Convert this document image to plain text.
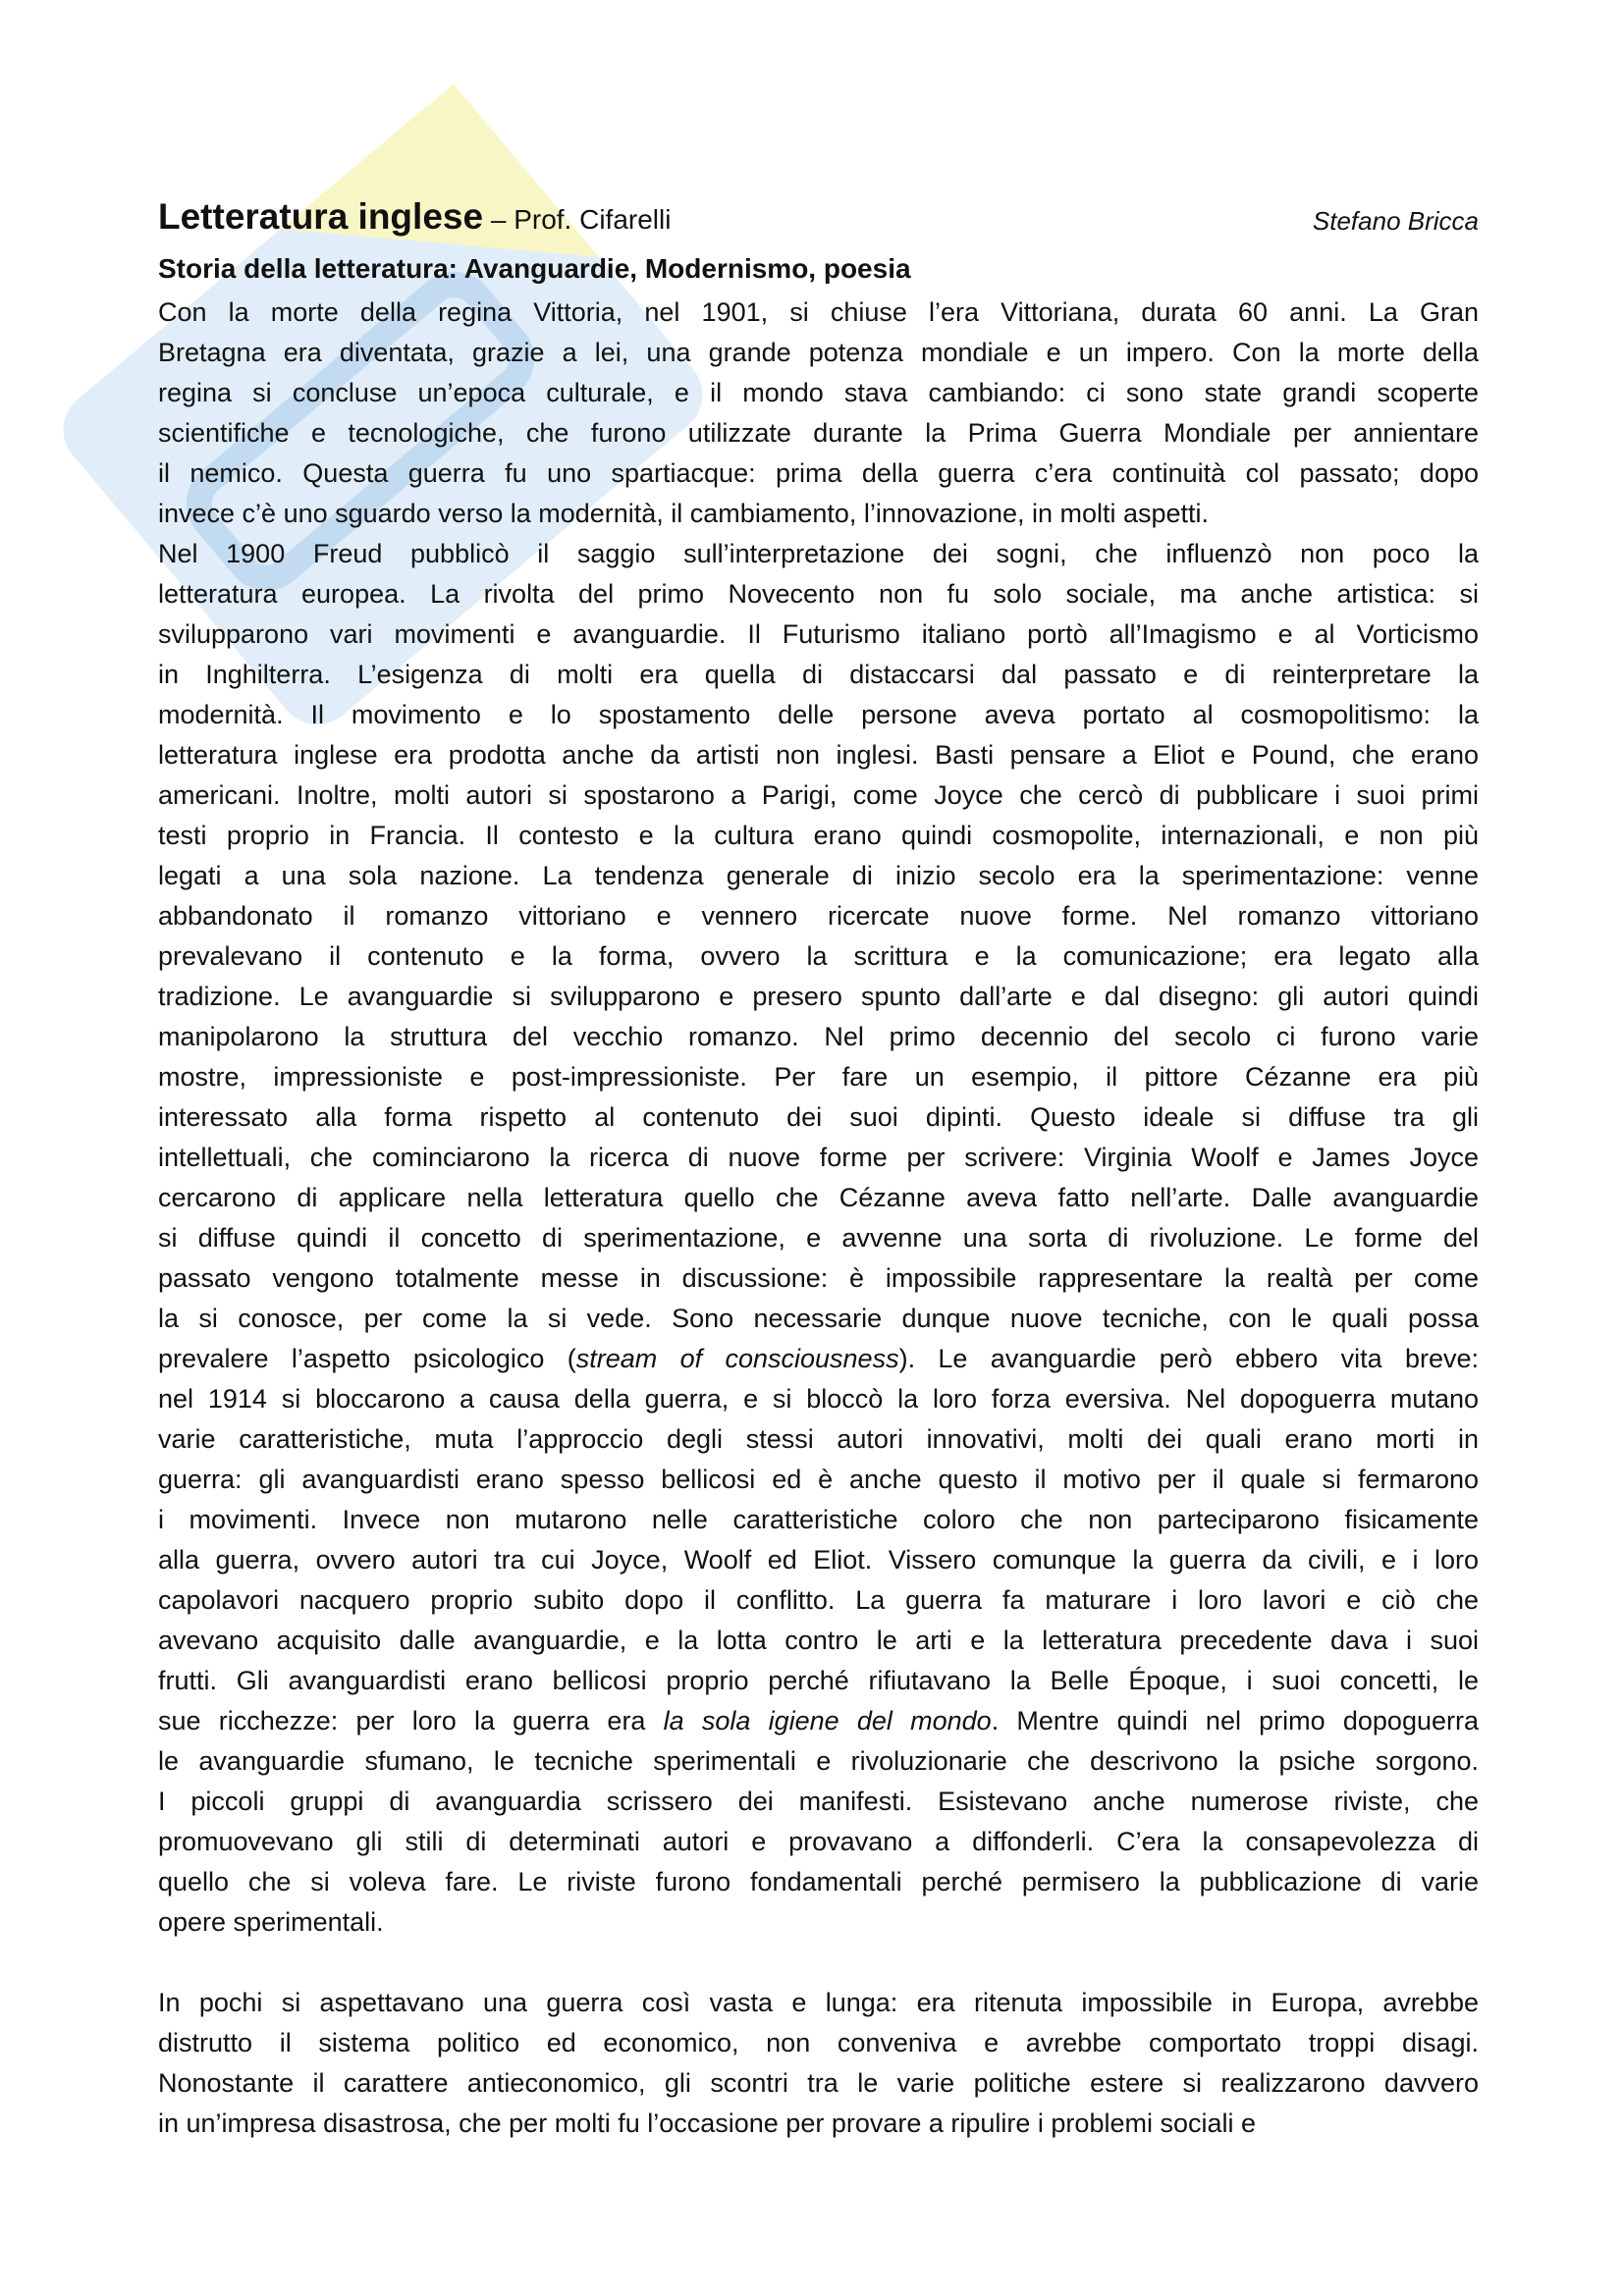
Letteratura inglese – Prof. Cifarelli	Stefano Bricca
Storia della letteratura: Avanguardie, Modernismo, poesia
Con la morte della regina Vittoria, nel 1901, si chiuse l’era Vittoriana, durata 60 anni. La Gran
Bretagna era diventata, grazie a lei, una grande potenza mondiale e un impero. Con la morte della
regina si concluse un’epoca culturale, e il mondo stava cambiando: ci sono state grandi scoperte
scientifiche e tecnologiche, che furono utilizzate durante la Prima Guerra Mondiale per annientare
il nemico. Questa guerra fu uno spartiacque: prima della guerra c’era continuità col passato; dopo
invece c’è uno sguardo verso la modernità, il cambiamento, l’innovazione, in molti aspetti.
Nel 1900 Freud pubblicò il saggio sull’interpretazione dei sogni, che influenzò non poco la
letteratura europea. La rivolta del primo Novecento non fu solo sociale, ma anche artistica: si
svilupparono vari movimenti e avanguardie. Il Futurismo italiano portò all’Imagismo e al Vorticismo
in Inghilterra. L’esigenza di molti era quella di distaccarsi dal passato e di reinterpretare la
modernità. Il movimento e lo spostamento delle persone aveva portato al cosmopolitismo: la
letteratura inglese era prodotta anche da artisti non inglesi. Basti pensare a Eliot e Pound, che erano
americani. Inoltre, molti autori si spostarono a Parigi, come Joyce che cercò di pubblicare i suoi primi
testi proprio in Francia. Il contesto e la cultura erano quindi cosmopolite, internazionali, e non più
legati a una sola nazione. La tendenza generale di inizio secolo era la sperimentazione: venne
abbandonato il romanzo vittoriano e vennero ricercate nuove forme. Nel romanzo vittoriano
prevalevano il contenuto e la forma, ovvero la scrittura e la comunicazione; era legato alla
tradizione. Le avanguardie si svilupparono e presero spunto dall’arte e dal disegno: gli autori quindi
manipolarono la struttura del vecchio romanzo. Nel primo decennio del secolo ci furono varie
mostre, impressioniste e post-impressioniste. Per fare un esempio, il pittore Cézanne era più
interessato alla forma rispetto al contenuto dei suoi dipinti. Questo ideale si diffuse tra gli
intellettuali, che cominciarono la ricerca di nuove forme per scrivere: Virginia Woolf e James Joyce
cercarono di applicare nella letteratura quello che Cézanne aveva fatto nell’arte. Dalle avanguardie
si diffuse quindi il concetto di sperimentazione, e avvenne una sorta di rivoluzione. Le forme del
passato vengono totalmente messe in discussione: è impossibile rappresentare la realtà per come
la si conosce, per come la si vede. Sono necessarie dunque nuove tecniche, con le quali possa
prevalere l’aspetto psicologico (stream of consciousness). Le avanguardie però ebbero vita breve:
nel 1914 si bloccarono a causa della guerra, e si bloccò la loro forza eversiva. Nel dopoguerra mutano
varie caratteristiche, muta l’approccio degli stessi autori innovativi, molti dei quali erano morti in
guerra: gli avanguardisti erano spesso bellicosi ed è anche questo il motivo per il quale si fermarono
i movimenti. Invece non mutarono nelle caratteristiche coloro che non parteciparono fisicamente
alla guerra, ovvero autori tra cui Joyce, Woolf ed Eliot. Vissero comunque la guerra da civili, e i loro
capolavori nacquero proprio subito dopo il conflitto. La guerra fa maturare i loro lavori e ciò che
avevano acquisito dalle avanguardie, e la lotta contro le arti e la letteratura precedente dava i suoi
frutti. Gli avanguardisti erano bellicosi proprio perché rifiutavano la Belle Époque, i suoi concetti, le
sue ricchezze: per loro la guerra era la sola igiene del mondo. Mentre quindi nel primo dopoguerra
le avanguardie sfumano, le tecniche sperimentali e rivoluzionarie che descrivono la psiche sorgono.
I piccoli gruppi di avanguardia scrissero dei manifesti. Esistevano anche numerose riviste, che
promuovevano gli stili di determinati autori e provavano a diffonderli. C’era la consapevolezza di
quello che si voleva fare. Le riviste furono fondamentali perché permisero la pubblicazione di varie
opere sperimentali.
In pochi si aspettavano una guerra così vasta e lunga: era ritenuta impossibile in Europa, avrebbe
distrutto il sistema politico ed economico, non conveniva e avrebbe comportato troppi disagi.
Nonostante il carattere antieconomico, gli scontri tra le varie politiche estere si realizzarono davvero
in un’impresa disastrosa, che per molti fu l’occasione per provare a ripulire i problemi sociali e
